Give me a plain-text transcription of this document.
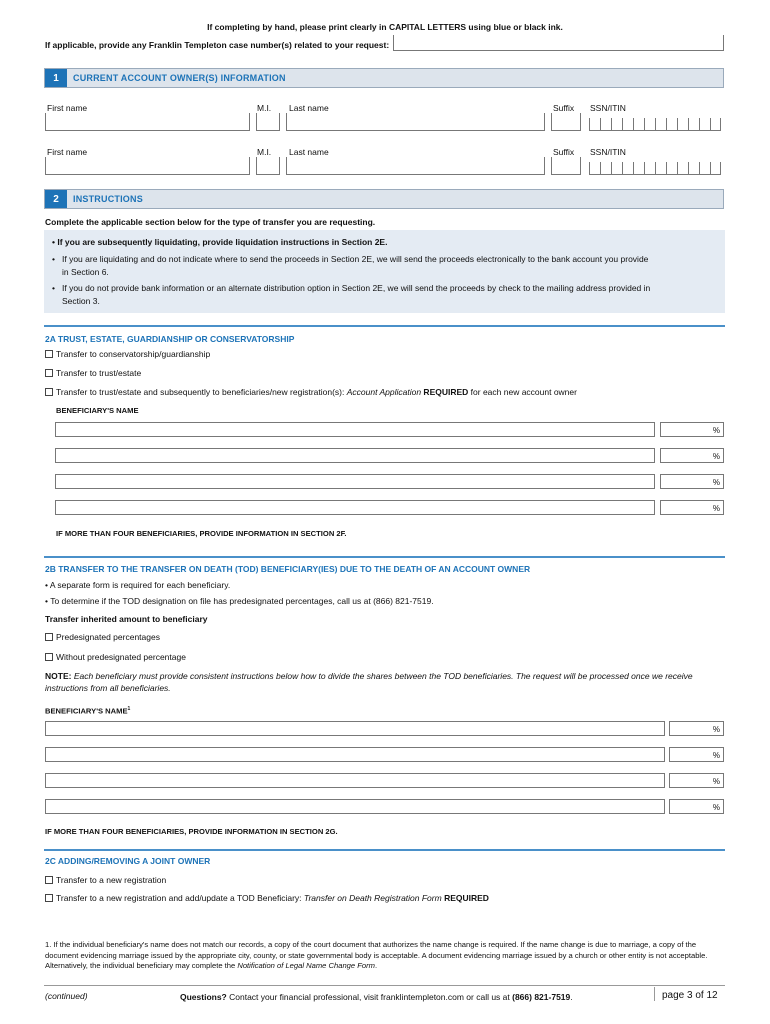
If completing by hand, please print clearly in CAPITAL LETTERS using blue or black ink.
If applicable, provide any Franklin Templeton case number(s) related to your request:
1	CURRENT ACCOUNT OWNER(S) INFORMATION
First name	M.I. Last name	Suffix SSN/ITIN
First name	M.I. Last name	Suffix SSN/ITIN
2	INSTRUCTIONS
Complete the applicable section below for the type of transfer you are requesting.
• If you are subsequently liquidating, provide liquidation instructions in Section 2E.
• If you are liquidating and do not indicate where to send the proceeds in Section 2E, we will send the proceeds electronically to the bank account you provide in Section 6.
• If you do not provide bank information or an alternate distribution option in Section 2E, we will send the proceeds by check to the mailing address provided in Section 3.
2A TRUST, ESTATE, GUARDIANSHIP OR CONSERVATORSHIP
Transfer to conservatorship/guardianship
Transfer to trust/estate
Transfer to trust/estate and subsequently to beneficiaries/new registration(s): Account Application REQUIRED for each new account owner
BENEFICIARY'S NAME
%
%
%
%
IF MORE THAN FOUR BENEFICIARIES, PROVIDE INFORMATION IN SECTION 2F.
2B TRANSFER TO THE TRANSFER ON DEATH (TOD) BENEFICIARY(IES) DUE TO THE DEATH OF AN ACCOUNT OWNER
• A separate form is required for each beneficiary.
• To determine if the TOD designation on file has predesignated percentages, call us at (866) 821-7519.
Transfer inherited amount to beneficiary
Predesignated percentages
Without predesignated percentage
NOTE: Each beneficiary must provide consistent instructions below how to divide the shares between the TOD beneficiaries. The request will be processed once we receive instructions from all beneficiaries.
BENEFICIARY'S NAME$^1$
%
%
%
%
IF MORE THAN FOUR BENEFICIARIES, PROVIDE INFORMATION IN SECTION 2G.
2C ADDING/REMOVING A JOINT OWNER
Transfer to a new registration
Transfer to a new registration and add/update a TOD Beneficiary: Transfer on Death Registration Form REQUIRED
1. If the individual beneficiary's name does not match our records, a copy of the court document that authorizes the name change is required. If the name change is due to marriage, a copy of the document evidencing marriage issued by the appropriate city, county, or state governmental body is acceptable. A document evidencing marriage issued by a church or other entity is not acceptable. Alternatively, the individual beneficiary may complete the Notification of Legal Name Change Form.
(continued)	Questions? Contact your financial professional, visit franklintempleton.com or call us at (866) 821-7519.	page 3 of 12
